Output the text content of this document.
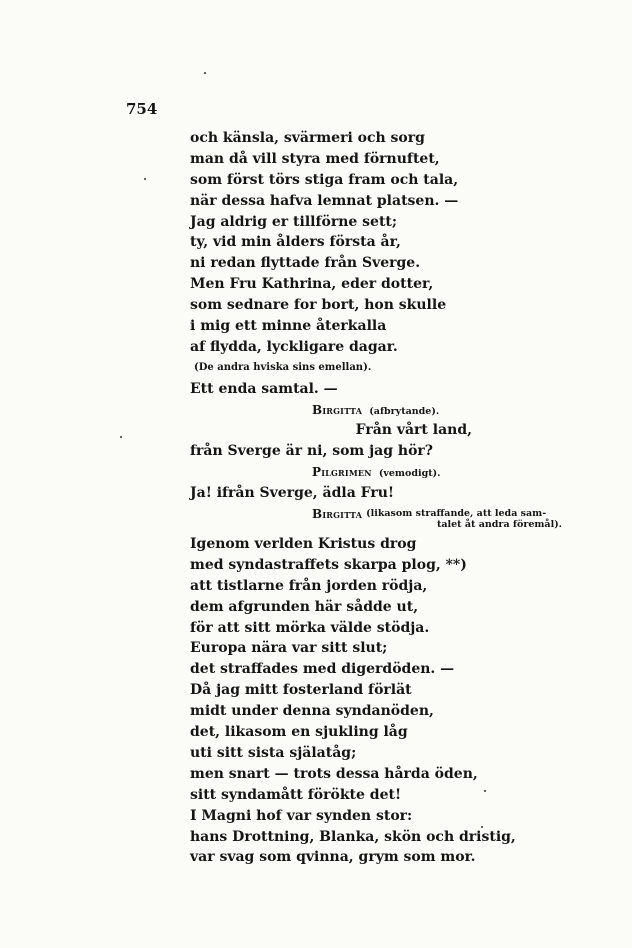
754
och känsla, svärmeri och sorg
man då vill styra med förnuftet,
som först törs stiga fram och tala,
när dessa hafva lemnat platsen. —
Jag aldrig er tillförne sett;
ty, vid min ålders första år,
ni redan flyttade från Sverge.
Men Fru Kathrina, eder dotter,
som sednare for bort, hon skulle
i mig ett minne återkalla
af flydda, lyckligare dagar.
(De andra hviska sins emellan).
Ett enda samtal. —
Birgitta (afbrytande).
Från vårt land,
från Sverge är ni, som jag hör?
Pilgrimen (vemodigt).
Ja! ifrån Sverge, ädla Fru!
Birgitta (likasom straffande, att leda sam-
talet åt andra föremål).
Igenom verlden Kristus drog
med syndastraffets skarpa plog, **)
att tistlarne från jorden rödja,
dem afgrunden här sådde ut,
för att sitt mörka välde stödja.
Europa nära var sitt slut;
det straffades med digerdöden. —
Då jag mitt fosterland förlät
midt under denna syndanöden,
det, likasom en sjukling låg
uti sitt sista själatåg;
men snart — trots dessa hårda öden,
sitt syndamått förökte det!
I Magni hof var synden stor:
hans Drottning, Blanka, skön och dristig,
var svag som qvinna, grym som mor.
